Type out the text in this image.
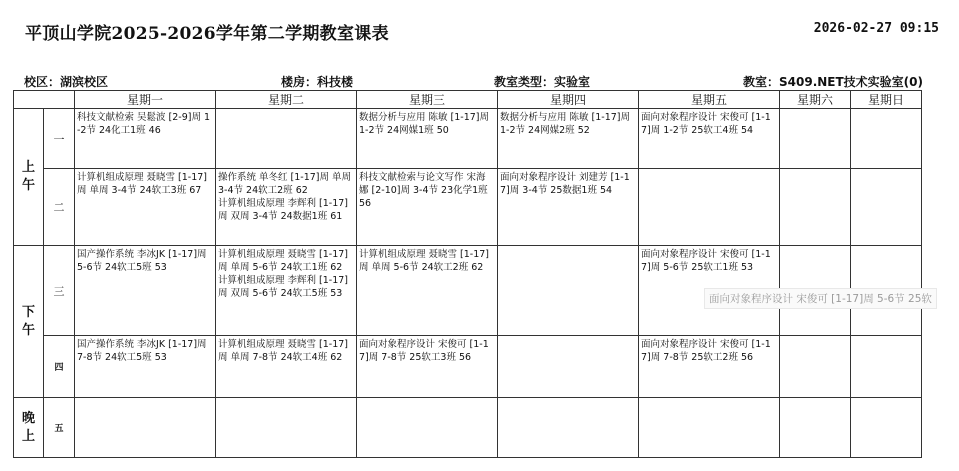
平顶山学院2025-2026学年第二学期教室课表	2026-02-27 09:15
校区：湖滨校区	楼房：科技楼	教室类型：实验室	教室：S409.NET技术实验室(0)
		星期一	星期二	星期三	星期四	星期五	星期六	星期日

上午	一	科技文献检索 吴鬆波 [2-9]周 1-2节 24化工1班 46		数据分析与应用 陈敏 [1-17]周 1-2节 24网媒1班 50	数据分析与应用 陈敏 [1-17]周 1-2节 24网媒2班 52	面向对象程序设计 宋俊可 [1-17]周 1-2节 25软工4班 54		
	二	计算机组成原理 聂晓雪 [1-17]周 单周 3-4节 24软工3班 67	操作系统 单冬红 [1-17]周 单周 3-4节 24软工2班 62
计算机组成原理 李辉利 [1-17]周 双周 3-4节 24数据1班 61	科技文献检索与论文写作 宋海娜 [2-10]周 3-4节 23化学1班 56	面向对象程序设计 刘建芳 [1-17]周 3-4节 25数据1班 54			

下午	三	国产操作系统 李冰JK [1-17]周 5-6节 24软工5班 53	计算机组成原理 聂晓雪 [1-17]周 单周 5-6节 24软工1班 62
计算机组成原理 李辉利 [1-17]周 双周 5-6节 24软工5班 53	计算机组成原理 聂晓雪 [1-17]周 单周 5-6节 24软工2班 62		面向对象程序设计 宋俊可 [1-17]周 5-6节 25软工1班 53		
	四	国产操作系统 李冰JK [1-17]周 7-8节 24软工5班 53	计算机组成原理 聂晓雪 [1-17]周 单周 7-8节 24软工4班 62	面向对象程序设计 宋俊可 [1-17]周 7-8节 25软工3班 56		面向对象程序设计 宋俊可 [1-17]周 7-8节 25软工2班 56		

晚上	五							
面向对象程序设计 宋俊可 [1-17]周 5-6节 25软
